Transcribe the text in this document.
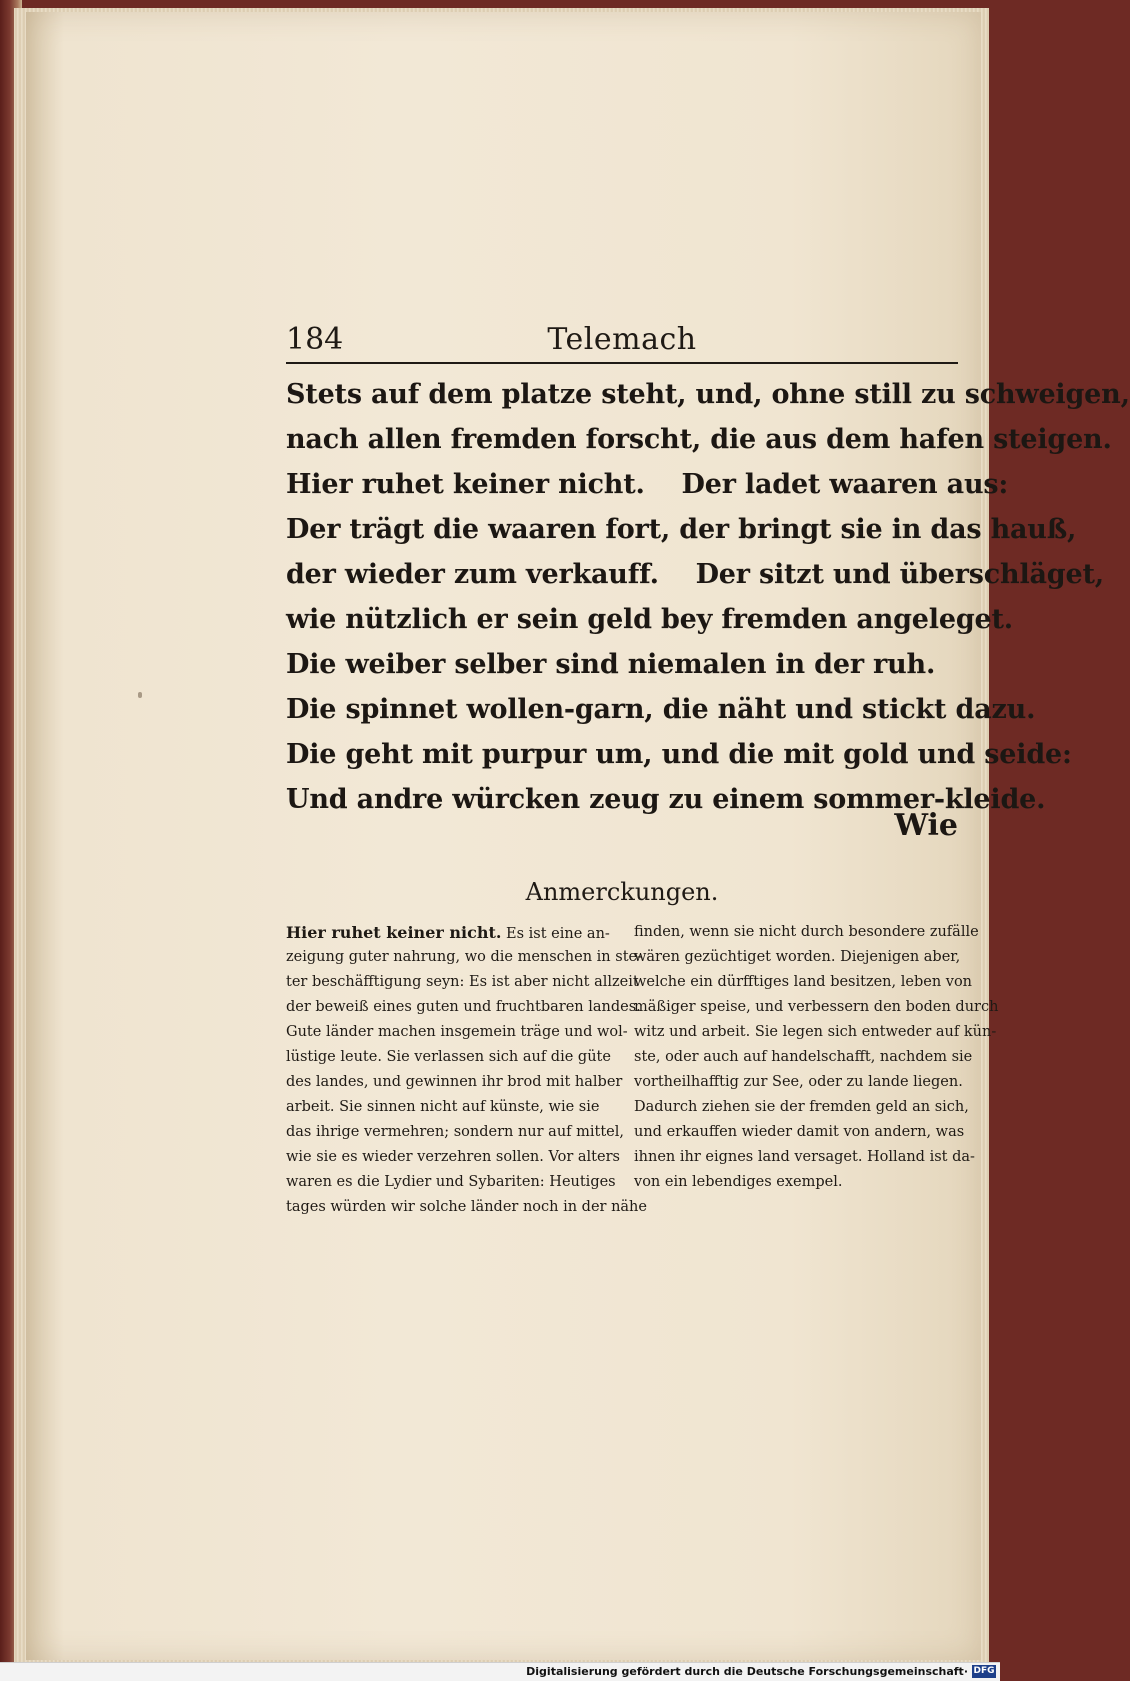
184	Telemach
Stets auf dem platze steht, und, ohne still zu schweigen,
nach allen fremden forscht, die aus dem hafen steigen.
Hier ruhet keiner nicht.    Der ladet waaren aus:
Der trägt die waaren fort, der bringt sie in das hauß,
der wieder zum verkauff.    Der sitzt und überschläget,
wie nützlich er sein geld bey fremden angeleget.
Die weiber selber sind niemalen in der ruh.
Die spinnet wollen-garn, die näht und stickt dazu.
Die geht mit purpur um, und die mit gold und seide:
Und andre würcken zeug zu einem sommer-kleide.
Wie
Anmerckungen.
Hier ruhet keiner nicht. Es ist eine an-
zeigung guter nahrung, wo die menschen in ste-
ter beschäfftigung seyn: Es ist aber nicht allzeit
der beweiß eines guten und fruchtbaren landes.
Gute länder machen insgemein träge und wol-
lüstige leute. Sie verlassen sich auf die güte
des landes, und gewinnen ihr brod mit halber
arbeit. Sie sinnen nicht auf künste, wie sie
das ihrige vermehren; sondern nur auf mittel,
wie sie es wieder verzehren sollen. Vor alters
waren es die Lydier und Sybariten: Heutiges
tages würden wir solche länder noch in der nähe
finden, wenn sie nicht durch besondere zufälle
wären gezüchtiget worden. Diejenigen aber,
welche ein dürfftiges land besitzen, leben von
mäßiger speise, und verbessern den boden durch
witz und arbeit. Sie legen sich entweder auf kün-
ste, oder auch auf handelschafft, nachdem sie
vortheilhafftig zur See, oder zu lande liegen.
Dadurch ziehen sie der fremden geld an sich,
und erkauffen wieder damit von andern, was
ihnen ihr eignes land versaget. Holland ist da-
von ein lebendiges exempel.
Digitalisierung gefördert durch die Deutsche Forschungsgemeinschaft· DFG
